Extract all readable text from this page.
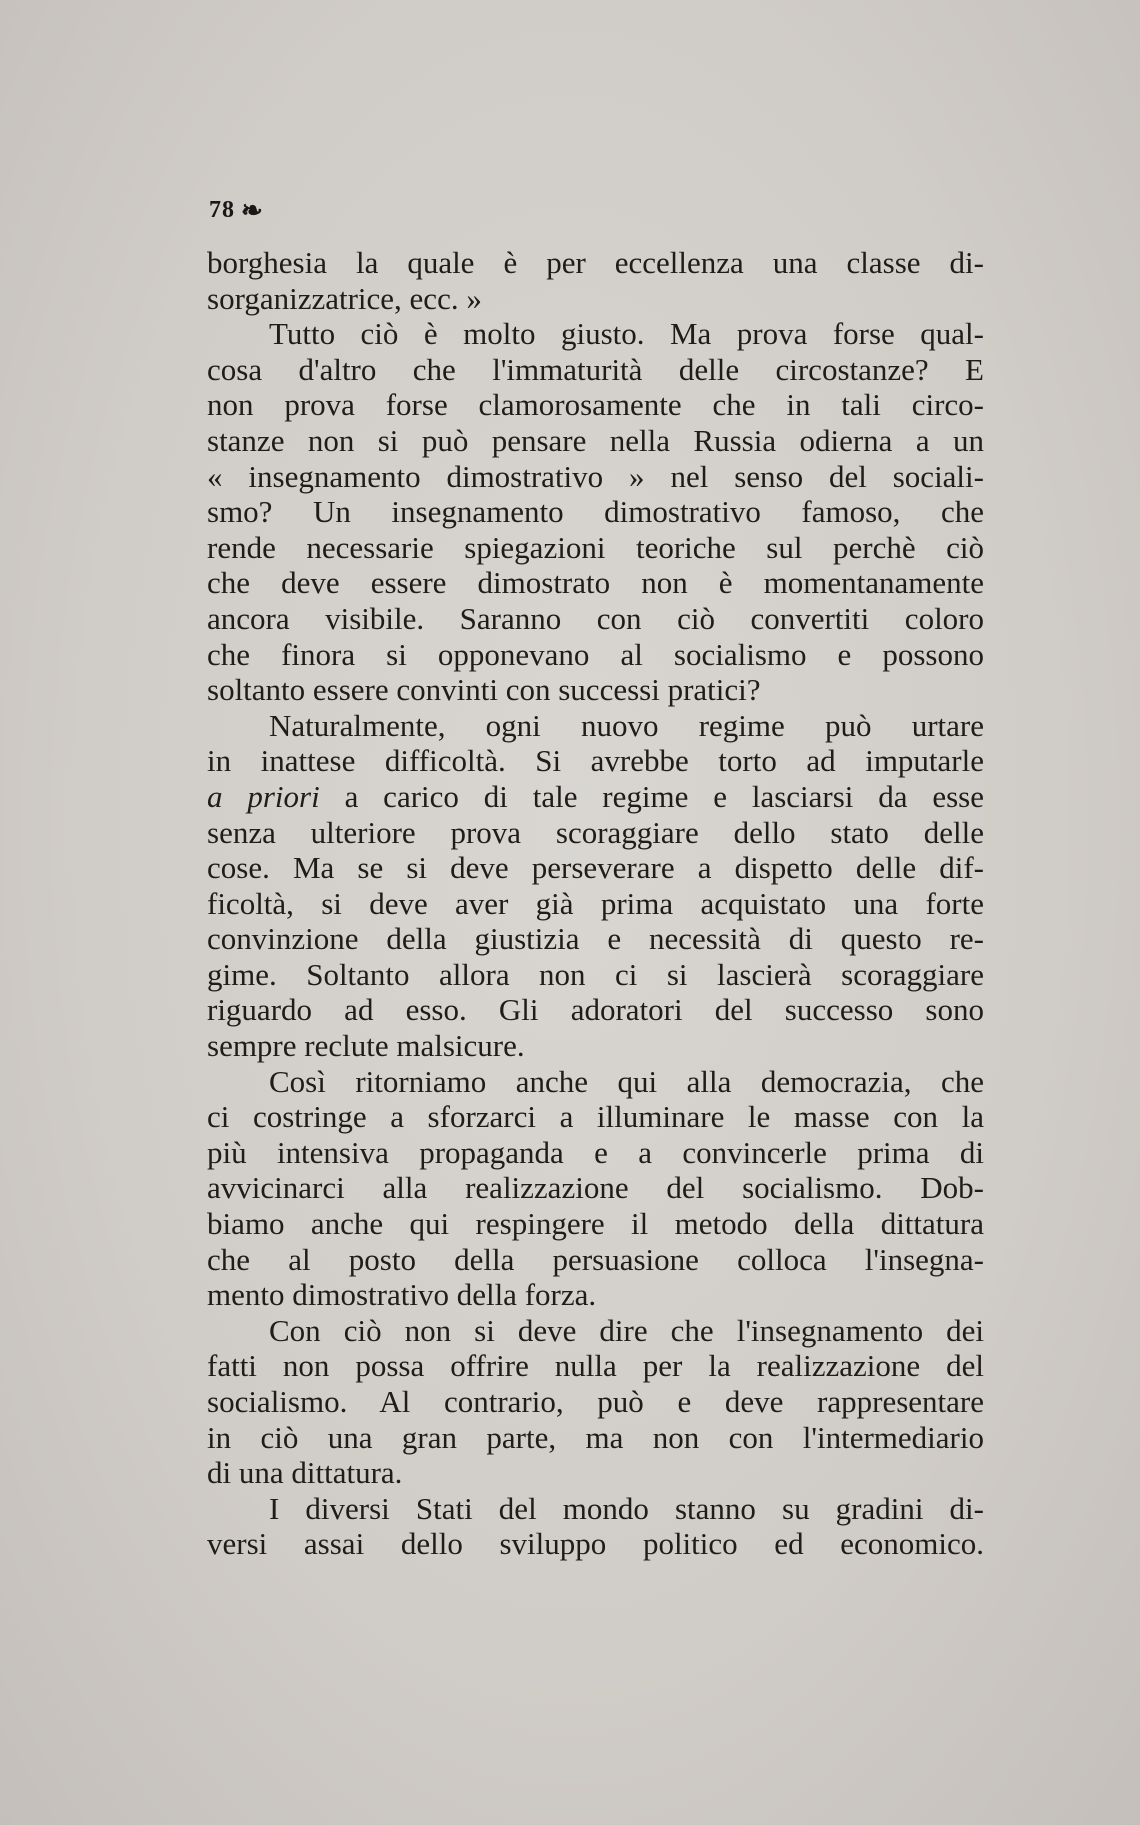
78 ❧
borghesia la quale è per eccellenza una classe di-
sorganizzatrice, ecc. »
Tutto ciò è molto giusto. Ma prova forse qual-
cosa d'altro che l'immaturità delle circostanze? E
non prova forse clamorosamente che in tali circo-
stanze non si può pensare nella Russia odierna a un
« insegnamento dimostrativo » nel senso del sociali-
smo? Un insegnamento dimostrativo famoso, che
rende necessarie spiegazioni teoriche sul perchè ciò
che deve essere dimostrato non è momentanamente
ancora visibile. Saranno con ciò convertiti coloro
che finora si opponevano al socialismo e possono
soltanto essere convinti con successi pratici?
Naturalmente, ogni nuovo regime può urtare
in inattese difficoltà. Si avrebbe torto ad imputarle
a priori a carico di tale regime e lasciarsi da esse
senza ulteriore prova scoraggiare dello stato delle
cose. Ma se si deve perseverare a dispetto delle dif-
ficoltà, si deve aver già prima acquistato una forte
convinzione della giustizia e necessità di questo re-
gime. Soltanto allora non ci si lascierà scoraggiare
riguardo ad esso. Gli adoratori del successo sono
sempre reclute malsicure.
Così ritorniamo anche qui alla democrazia, che
ci costringe a sforzarci a illuminare le masse con la
più intensiva propaganda e a convincerle prima di
avvicinarci alla realizzazione del socialismo. Dob-
biamo anche qui respingere il metodo della dittatura
che al posto della persuasione colloca l'insegna-
mento dimostrativo della forza.
Con ciò non si deve dire che l'insegnamento dei
fatti non possa offrire nulla per la realizzazione del
socialismo. Al contrario, può e deve rappresentare
in ciò una gran parte, ma non con l'intermediario
di una dittatura.
I diversi Stati del mondo stanno su gradini di-
versi assai dello sviluppo politico ed economico.
